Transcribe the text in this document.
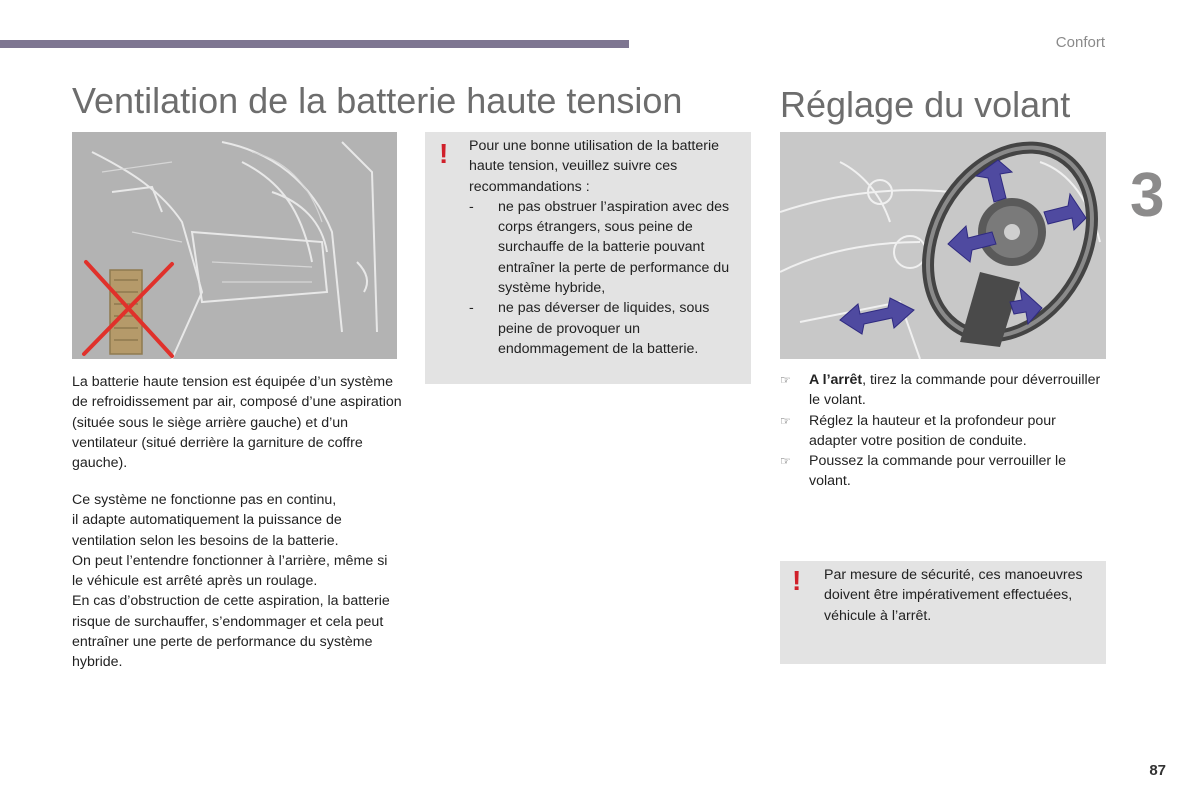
Confort
3
Ventilation de la batterie haute tension	Réglage du volant

La batterie haute tension est équipée d’un système de refroidissement par air, composé d’une aspiration (située sous le siège arrière gauche) et d’un ventilateur (situé derrière la garniture de coffre gauche).

Ce système ne fonctionne pas en continu,

il adapte automatiquement la puissance de ventilation selon les besoins de la batterie.

On peut l’entendre fonctionner à l’arrière, même si le véhicule est arrêté après un roulage.

En cas d’obstruction de cette aspiration, la batterie risque de surchauffer, s’endommager et cela peut entraîner une perte de performance du système hybride.

! Pour une bonne utilisation de la batterie haute tension, veuillez suivre ces recommandations :
- ne pas obstruer l’aspiration avec des corps étrangers, sous peine de surchauffe de la batterie pouvant entraîner la perte de performance du système hybride,
- ne pas déverser de liquides, sous peine de provoquer un endommagement de la batterie.
☞ A l’arrêt, tirez la commande pour déverrouiller le volant.
☞ Réglez la hauteur et la profondeur pour adapter votre position de conduite.
☞ Poussez la commande pour verrouiller le volant.
! Par mesure de sécurité, ces manoeuvres doivent être impérativement effectuées, véhicule à l’arrêt.
87
